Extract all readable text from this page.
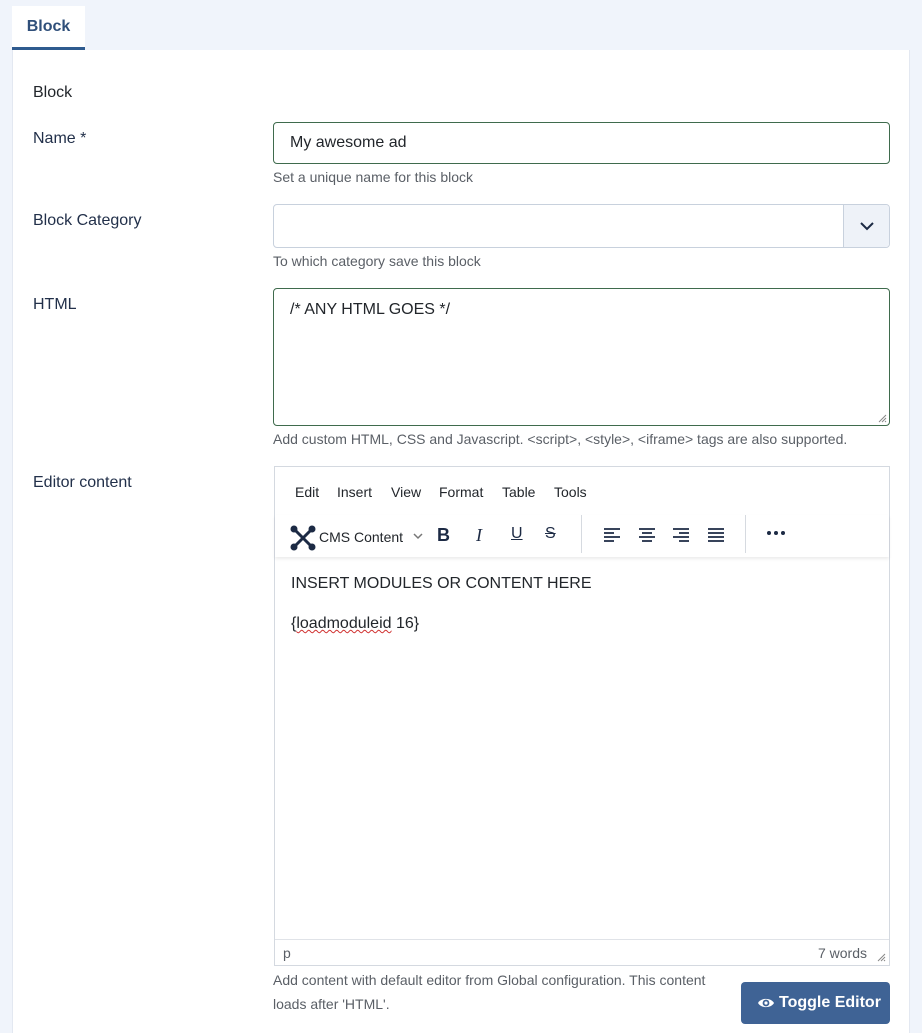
Block
Block
Name *	My awesome ad
Set a unique name for this block
Block Category
To which category save this block
HTML	/* ANY HTML GOES */
Add custom HTML, CSS and Javascript. <script>, <style>, <iframe> tags are also supported.
Editor content
Edit Insert View Format Table Tools
CMS Content B	I	U	S

INSERT MODULES OR CONTENT HERE

{loadmoduleid 16}

p	7 words
Add content with default editor from Global configuration. This content loads after 'HTML'.	Toggle Editor
